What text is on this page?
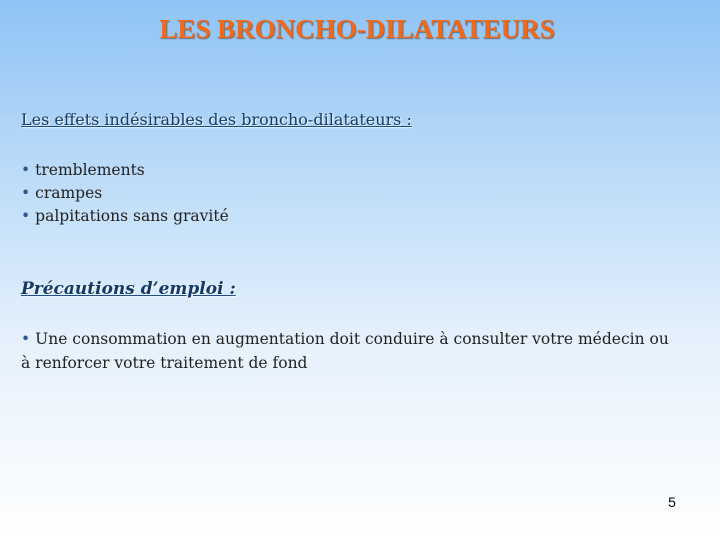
LES BRONCHO-DILATATEURS
Les effets indésirables des broncho-dilatateurs :
• tremblements
• crampes
• palpitations sans gravité
Précautions d’emploi :

• Une consommation en augmentation doit conduire à consulter votre médecin ou à renforcer votre traitement de fond

5
